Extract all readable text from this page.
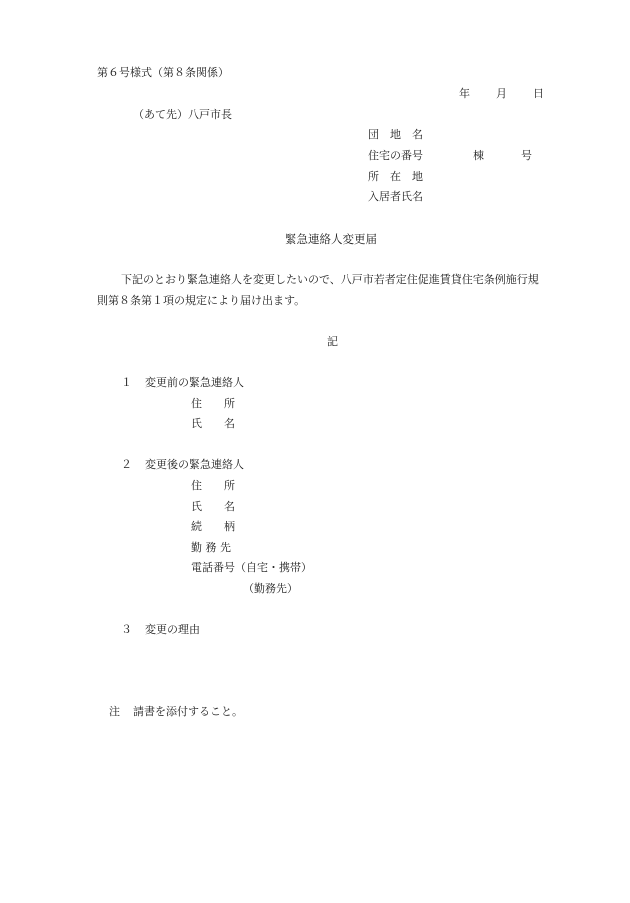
第６号様式（第８条関係）
年 月 日
（あて先）八戸市長
団　地　名
住宅の番号	棟	号
所　在　地
入居者氏名
緊急連絡人変更届
下記のとおり緊急連絡人を変更したいので、八戸市若者定住促進賃貸住宅条例施行規
則第８条第１項の規定により届け出ます。
記
１ 変更前の緊急連絡人
住　　所
氏　　名
２ 変更後の緊急連絡人
住　　所
氏　　名
続　　柄
勤 務 先
電話番号（自宅・携帯）
（勤務先）
３ 変更の理由
注 請書を添付すること。
